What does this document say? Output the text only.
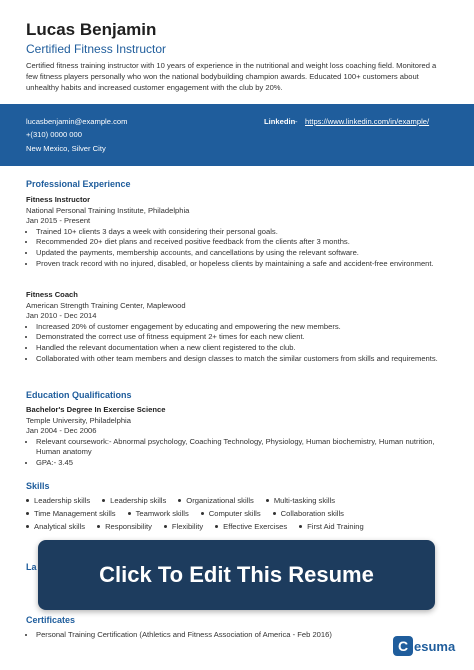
Lucas Benjamin
Certified Fitness Instructor
Certified fitness training instructor with 10 years of experience in the nutritional and weight loss coaching field. Monitored a few fitness players personally who won the national bodybuilding champion awards. Educated 100+ customers about unhealthy habits and increased customer engagement with the club by 20%.
lucasbenjamin@example.com
+(310) 0000 000
New Mexico, Silver City
Linkedin - https://www.linkedin.com/in/example/
Professional Experience
Fitness Instructor
National Personal Training Institute, Philadelphia
Jan 2015 - Present
• Trained 10+ clients 3 days a week with considering their personal goals.
• Recommended 20+ diet plans and received positive feedback from the clients after 3 months.
• Updated the payments, membership accounts, and cancellations by using the relevant software.
• Proven track record with no injured, disabled, or hopeless clients by maintaining a safe and accident-free environment.
Fitness Coach
American Strength Training Center, Maplewood
Jan 2010 - Dec 2014
• Increased 20% of customer engagement by educating and empowering the new members.
• Demonstrated the correct use of fitness equipment 2+ times for each new client.
• Handled the relevant documentation when a new client registered to the club.
• Collaborated with other team members and design classes to match the similar customers from skills and requirements.
Education Qualifications
Bachelor's Degree In Exercise Science
Temple University, Philadelphia
Jan 2004 - Dec 2006
• Relevant coursework:- Abnormal psychology, Coaching Technology, Physiology, Human biochemistry, Human nutrition, Human anatomy
• GPA:- 3.45
Skills
Leadership skills	Leadership skills	Organizational skills	Multi-tasking skills
Time Management skills	Teamwork skills	Computer skills	Collaboration skills
Analytical skills	Responsibility	Flexibility	Effective Exercises	First Aid Training
La
Certificates
• Personal Training Certification (Athletics and Fitness Association of America - Feb 2016)
Click To Edit This Resume
C esuma
